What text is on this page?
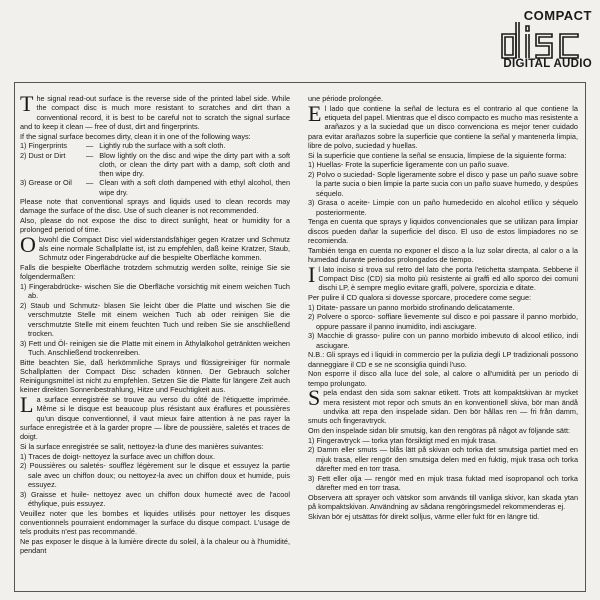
COMPACT
DIGITAL AUDIO

The signal read-out surface is the reverse side of the printed label side. While the compact disc is much more resistant to scratches and dirt than a conventional record, it is best to be careful not to scratch the signal surface and to keep it clean — free of dust, dirt and fingerprints.

If the signal surface becomes dirty, clean it in one of the following ways:

1) Fingerprints	— Lightly rub the surface with a soft cloth.
2) Dust or Dirt	— Blow lightly on the disc and wipe the dirty part with a soft cloth, or clean the dirty part with a damp, soft cloth and then wipe dry.
3) Grease or Oil	— Clean with a soft cloth dampened with ethyl alcohol, then wipe dry.

Please note that conventional sprays and liquids used to clean records may damage the surface of the disc. Use of such cleaner is not recommended.

Also, please do not expose the disc to direct sunlight, heat or humidity for a prolonged period of time.

Obwohl die Compact Disc viel widerstandsfähiger gegen Kratzer und Schmutz als eine normale Schallplatte ist, ist zu empfehlen, daß keine Kratzer, Staub, Schmutz oder Fingerabdrücke auf die bespielte Oberfläche kommen.

Falls die bespielte Oberfläche trotzdem schmutzig werden sollte, reinige Sie sie folgendermaßen:

1) Fingerabdrücke- wischen Sie die Oberfläche vorsichtig mit einem weichen Tuch ab.

2) Staub und Schmutz- blasen Sie leicht über die Platte und wischen Sie die verschmutzte Stelle mit einem weichen Tuch ab oder reinigen Sie die verschmutzte Stelle mit einem feuchten Tuch und reiben Sie sie anschließend trocken.

3) Fett und Öl- reinigen sie die Platte mit einem in Äthylalkohol getränkten weichen Tuch. Anschließend trockenreiben.

Bitte beachten Sie, daß herkömmliche Sprays und flüssigreiniger für normale Schallplatten der Compact Disc schaden können. Der Gebrauch solcher Reinigungsmittel ist nicht zu empfehlen. Setzen Sie die Platte für längere Zeit auch keiner direkten Sonnenbestrahlung, Hitze und Feuchtigkeit aus.

La surface enregistrée se trouve au verso du côté de l'étiquette imprimée. Même si le disque est beaucoup plus résistant aux éraflures et poussières qu'un disque conventionnel, il vaut mieux faire attention à ne pas rayer la surface enregistrée et à la garder propre — libre de poussière, saletés et traces de doigt.

Si la surface enregistrée se salit, nettoyez-la d'une des manières suivantes:

1) Traces de doigt- nettoyez la surface avec un chiffon doux.

2) Poussières ou saletés- soufflez légèrement sur le disque et essuyez la partie sale avec un chiffon doux; ou nettoyez-la avec un chiffon doux et humide, puis essuyez.

3) Graisse et huile- nettoyez avec un chiffon doux humecté avec de l'acool éthylique, puis essuyez.

Veuillez noter que les bombes et liquides utilisés pour nettoyer les disques conventionnels pourraient endommager la surface du disque compact. L'usage de tels produits n'est pas recommandé.

Ne pas exposer le disque à la lumière directe du soleil, à la chaleur ou à l'humidité, pendant

une période prolongée.

El lado que contiene la señal de lectura es el contrario al que contiene la etiqueta del papel. Mientras que el disco compacto es mucho mas resistente a arañazos y a la suciedad que un disco convenciona es mejor tener cuidado para evitar arañazos sobre la superficie que contiene la señal y mantenerla limpia, libre de polvo, suciedad y huellas.

Si la superficie que contiene la señal se ensucia, límpiese de la siguiente forma:

1) Huellas- Frote la superficie ligeramente con un paño suave.

2) Polvo o suciedad- Sople ligeramente sobre el disco y pase un paño suave sobre la parte sucia o bien limpie la parte sucia con un paño suave humedo, y despúes séquelo.

3) Grasa o aceite- Limpie con un paño humedecido en alcohol etílico y séquelo posteriormente.

Tenga en cuenta que sprays y liquidos convencionales que se utilizan para limpiar discos pueden dañar la superficie del disco. El uso de estos limpiadores no se recomienda.

También tenga en cuenta no exponer el disco a la luz solar directa, al calor o a la humedad durante periodos prolongados de tiempo.

Il lato inciso si trova sul retro del lato che porta l'etichetta stampata. Sebbene il Compact Disc (CD) sia molto più resistente ai graffi ed allo sporco dei comuni dischi LP, è sempre meglio evitare graffi, polvere, sporcizia e ditate.

Per pulire il CD qualora si dovesse sporcare, procedere come segue:

1) Ditate- passare un panno morbido strofinando delicatamente.

2) Polvere o sporco- soffiare lievemente sul disco e poi passare il panno morbido, oppure passare il panno inumidito, indi asciugare.

3) Macchie di grasso- pulire con un panno morbido imbevuto di alcool etilico, indi asciugare.

N.B.: Gli sprays ed i liquidi in commercio per la pulizia degli LP tradizionali possono danneggiare il CD e se ne sconsiglia quindi l'uso.

Non esporre il disco alla luce del sole, al calore o all'umidità per un periodo di tempo prolungato.

Spela endast den sida som saknar etikett. Trots att kompaktskivan är mycket mera resistent mot repor och smuts än en konventionell skiva, bör man ändå undvika att repa den inspelade sidan. Den bör hållas ren — fri från damm, smuts och fingeravtryck.

Om den inspelade sidan blir smutsig, kan den rengöras på något av följande sätt:

1) Fingeravtryck — torka ytan försiktigt med en mjuk trasa.

2) Damm eller smuts — blås lätt på skivan och torka det smutsiga partiet med en mjuk trasa, eller rengör den smutsiga delen med en fuktig, mjuk trasa och torka därefter med en torr trasa.

3) Fett eller olja — rengör med en mjuk trasa fuktad med isopropanol och torka därefter med en torr trasa.

Observera att sprayer och vätskor som används till vanliga skivor, kan skada ytan på kompaktskivan. Användning av sådana rengöringsmedel rekommenderas ej.

Skivan bör ej utsättas för direkt solljus, värme eller fukt för en längre tid.
